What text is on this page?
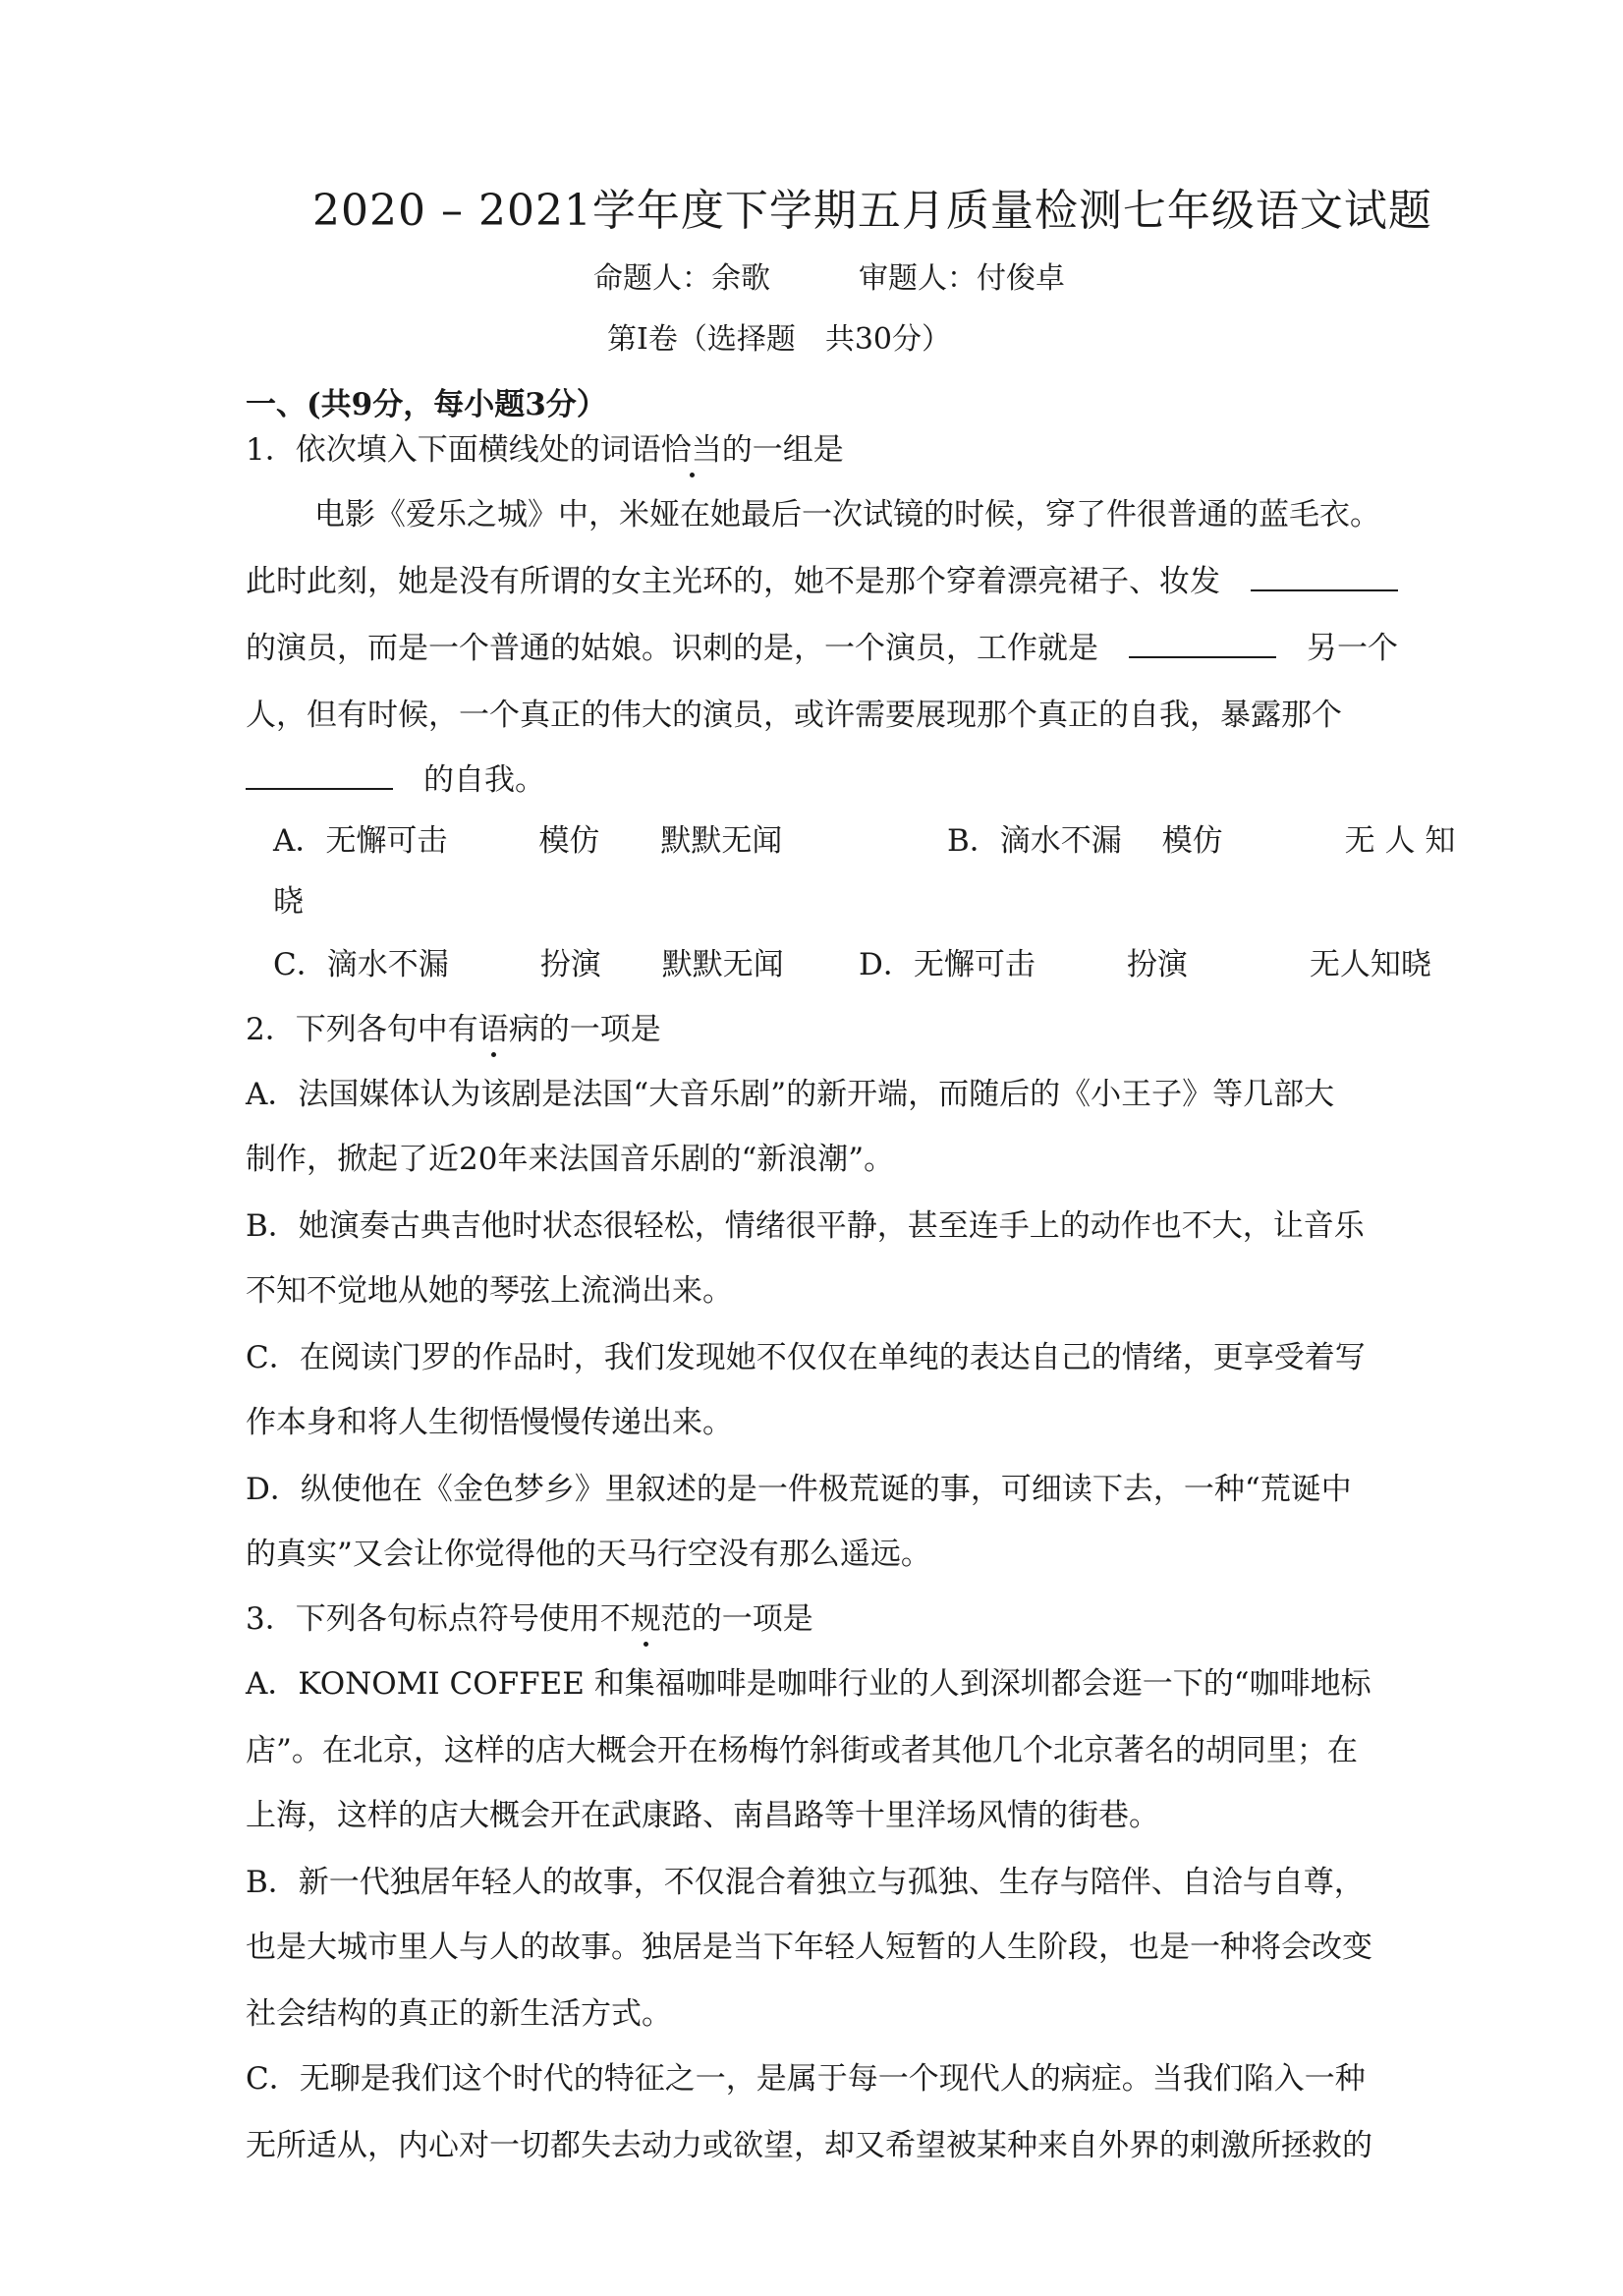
2020 – 2021学年度下学期五月质量检测七年级语文试题
命题人：余歌　　　审题人：付俊卓
第Ⅰ卷（选择题　共30分）
一、(共9分，每小题3分）
1．依次填入下面横线处的词语恰当的一组是
电影《爱乐之城》中，米娅在她最后一次试镜的时候，穿了件很普通的蓝毛衣。
此时此刻，她是没有所谓的女主光环的，她不是那个穿着漂亮裙子、妆发　
的演员，而是一个普通的姑娘。识刺的是，一个演员，工作就是　　	另一个
人，但有时候，一个真正的伟大的演员，或许需要展现那个真正的自我，暴露那个
　的自我。
A．无懈可击　　　模仿　　默默无闻	B．滴水不漏　 模仿　　　　无 人 知
晓
C．滴水不漏　　　扮演　　默默无闻 D．无懈可击　　　扮演　　　　无人知晓
2．下列各句中有语病的一项是
A．法国媒体认为该剧是法国“大音乐剧”的新开端，而随后的《小王子》等几部大
制作，掀起了近20年来法国音乐剧的“新浪潮”。
B．她演奏古典吉他时状态很轻松，情绪很平静，甚至连手上的动作也不大，让音乐
不知不觉地从她的琴弦上流淌出来。
C．在阅读门罗的作品时，我们发现她不仅仅在单纯的表达自己的情绪，更享受着写
作本身和将人生彻悟慢慢传递出来。
D．纵使他在《金色梦乡》里叙述的是一件极荒诞的事，可细读下去，一种“荒诞中
的真实”又会让你觉得他的天马行空没有那么遥远。
3．下列各句标点符号使用不规范的一项是
A．KONOMI COFFEE 和集福咖啡是咖啡行业的人到深圳都会逛一下的“咖啡地标
店”。在北京，这样的店大概会开在杨梅竹斜街或者其他几个北京著名的胡同里；在
上海，这样的店大概会开在武康路、南昌路等十里洋场风情的街巷。
B．新一代独居年轻人的故事，不仅混合着独立与孤独、生存与陪伴、自洽与自尊，
也是大城市里人与人的故事。独居是当下年轻人短暂的人生阶段，也是一种将会改变
社会结构的真正的新生活方式。
C．无聊是我们这个时代的特征之一，是属于每一个现代人的病症。当我们陷入一种
无所适从，内心对一切都失去动力或欲望，却又希望被某种来自外界的刺激所拯救的
